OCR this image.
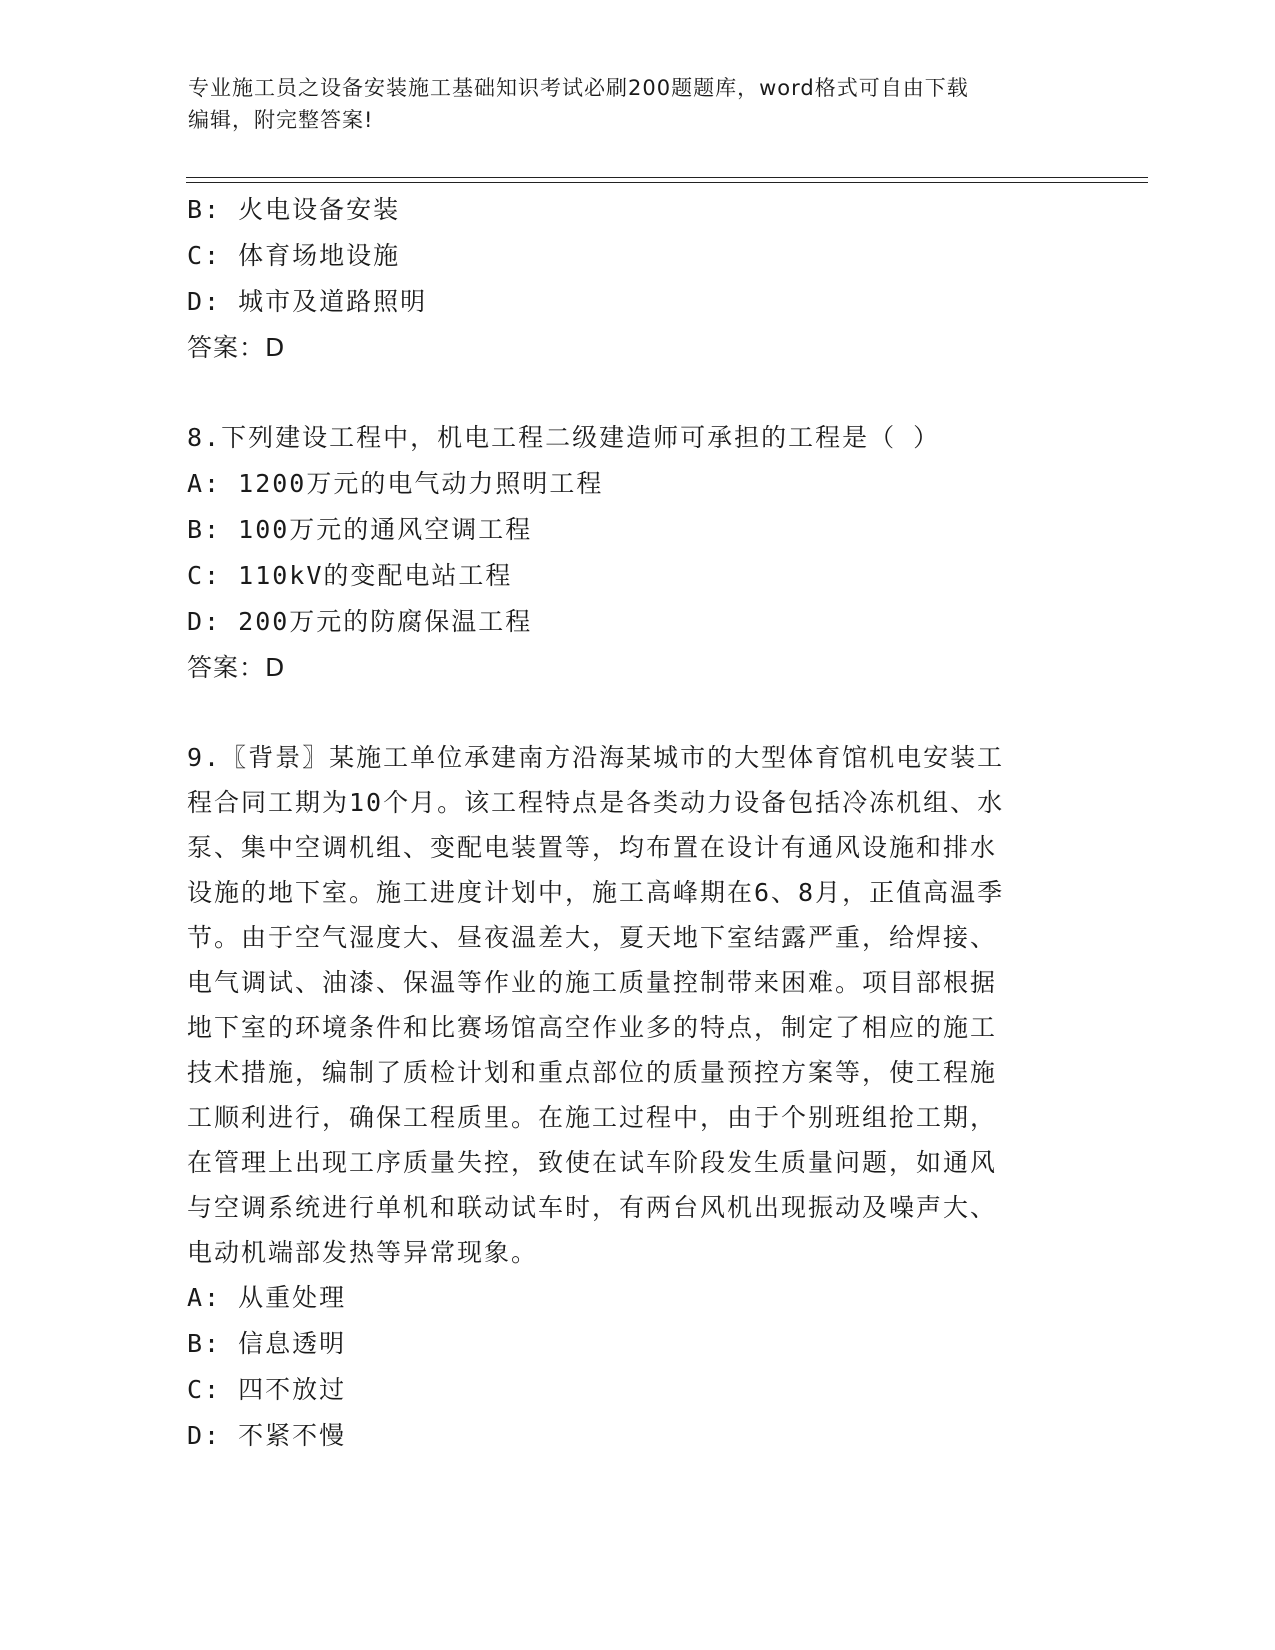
专业施工员之设备安装施工基础知识考试必刷200题题库，word格式可自由下载
编辑，附完整答案!
B: 火电设备安装
C: 体育场地设施
D: 城市及道路照明
答案：D
8.下列建设工程中，机电工程二级建造师可承担的工程是（ ）
A: 1200万元的电气动力照明工程
B: 100万元的通风空调工程
C: 110kV的变配电站工程
D: 200万元的防腐保温工程
答案：D
9.〖背景〗某施工单位承建南方沿海某城市的大型体育馆机电安装工
程合同工期为10个月。该工程特点是各类动力设备包括冷冻机组、水
泵、集中空调机组、变配电装置等，均布置在设计有通风设施和排水
设施的地下室。施工进度计划中，施工高峰期在6、8月，正值高温季
节。由于空气湿度大、昼夜温差大，夏天地下室结露严重，给焊接、
电气调试、油漆、保温等作业的施工质量控制带来困难。项目部根据
地下室的环境条件和比赛场馆高空作业多的特点，制定了相应的施工
技术措施，编制了质检计划和重点部位的质量预控方案等，使工程施
工顺利进行，确保工程质里。在施工过程中，由于个别班组抢工期，
在管理上出现工序质量失控，致使在试车阶段发生质量问题，如通风
与空调系统进行单机和联动试车时，有两台风机出现振动及噪声大、
电动机端部发热等异常现象。
A: 从重处理
B: 信息透明
C: 四不放过
D: 不紧不慢
